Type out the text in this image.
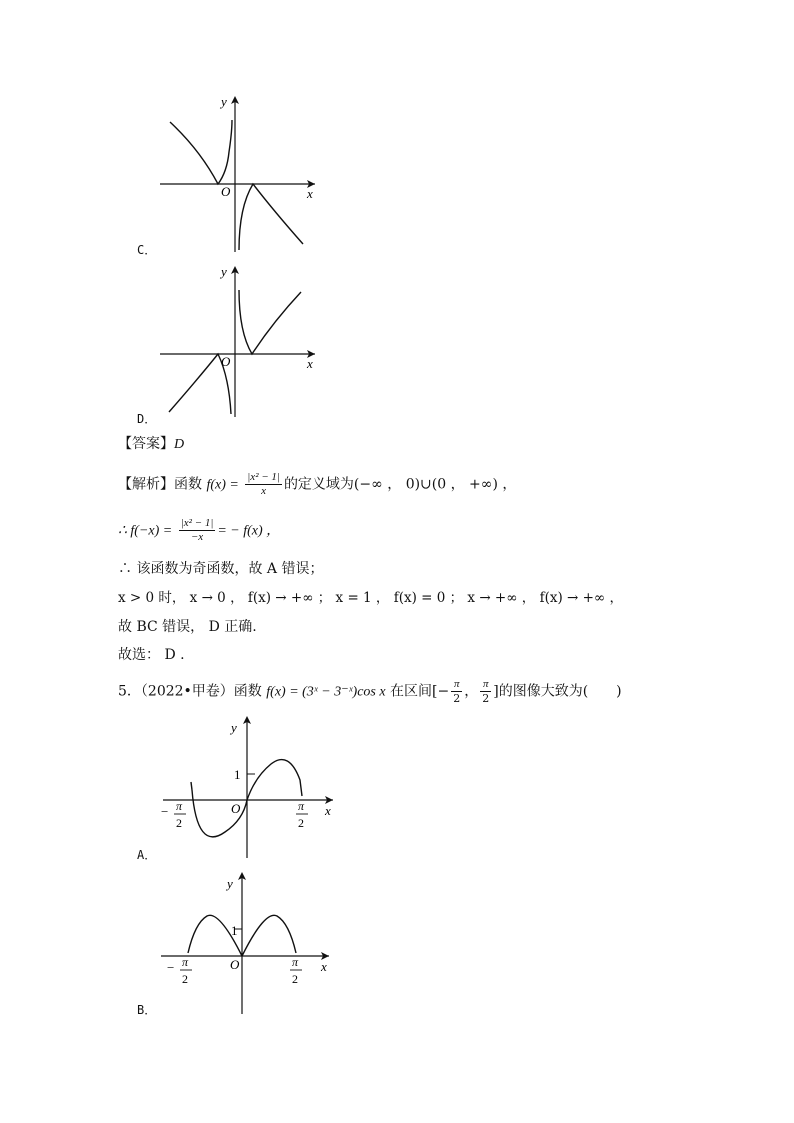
y
x
O
C．
y
x
O
D．
【答案】D
【解析】函数 $f(x) = \frac{\text{|x² − 1|}}{x}$ 的定义域为(−∞ ， 0)∪(0 ， +∞) ，
∴ $f(-x) = \frac{\text{|x² − 1|}}{-x}$ = − f(x) ，
∴ 该函数为奇函数，故 A 错误；
x > 0 时， x → 0 ， f(x) → +∞ ； x = 1 ， f(x) = 0 ； x → +∞ ， f(x) → +∞ ，
故 BC 错误， D 正确.
故选： D .
5．（2022•甲卷）函数 f(x) = (3ˣ − 3⁻ˣ)cos x 在区间[− $\frac{\pi}{2}$ ， $\frac{\pi}{2}$ ]的图像大致为(　　)
y
1
O	x
− π
2
π
2
A．
y
1
O	x
− π
2
π
2
B．
